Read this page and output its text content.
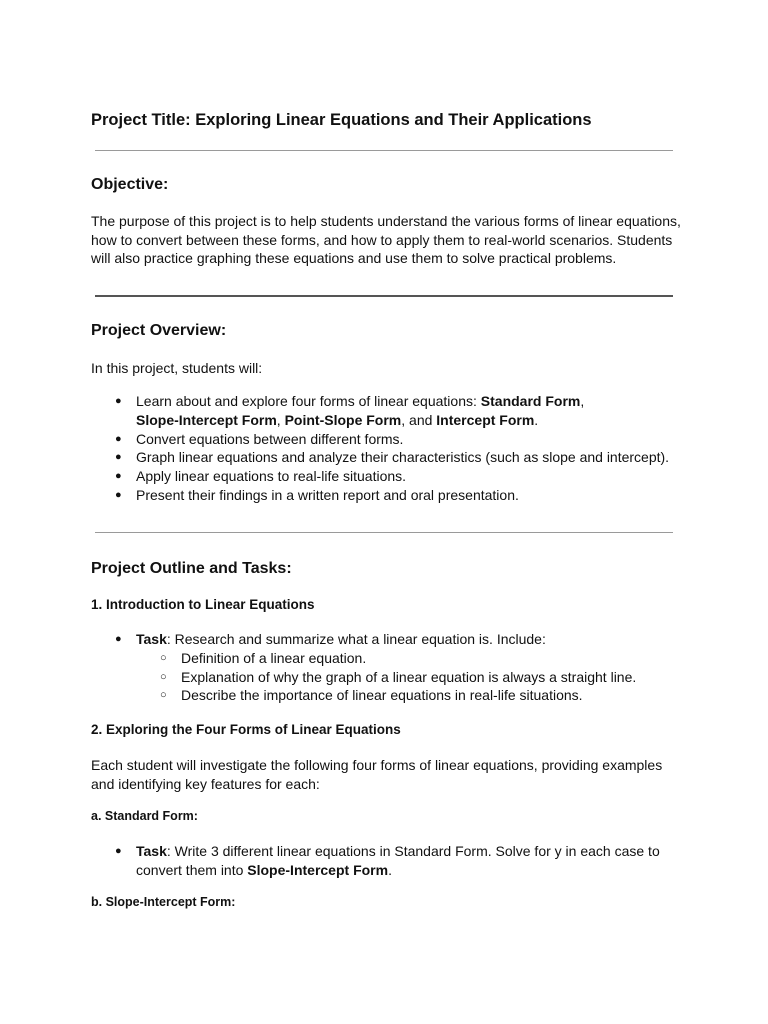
Project Title: Exploring Linear Equations and Their Applications
Objective:
The purpose of this project is to help students understand the various forms of linear equations, how to convert between these forms, and how to apply them to real-world scenarios. Students will also practice graphing these equations and use them to solve practical problems.
Project Overview:
In this project, students will:
● Learn about and explore four forms of linear equations: Standard Form,
Slope-Intercept Form, Point-Slope Form, and Intercept Form.
● Convert equations between different forms.
● Graph linear equations and analyze their characteristics (such as slope and intercept).
● Apply linear equations to real-life situations.
● Present their findings in a written report and oral presentation.
Project Outline and Tasks:
1. Introduction to Linear Equations
● Task: Research and summarize what a linear equation is. Include:
○ Definition of a linear equation.
○ Explanation of why the graph of a linear equation is always a straight line.
○ Describe the importance of linear equations in real-life situations.
2. Exploring the Four Forms of Linear Equations
Each student will investigate the following four forms of linear equations, providing examples and identifying key features for each:
a. Standard Form:
● Task: Write 3 different linear equations in Standard Form. Solve for y in each case to
convert them into Slope-Intercept Form.
b. Slope-Intercept Form:
